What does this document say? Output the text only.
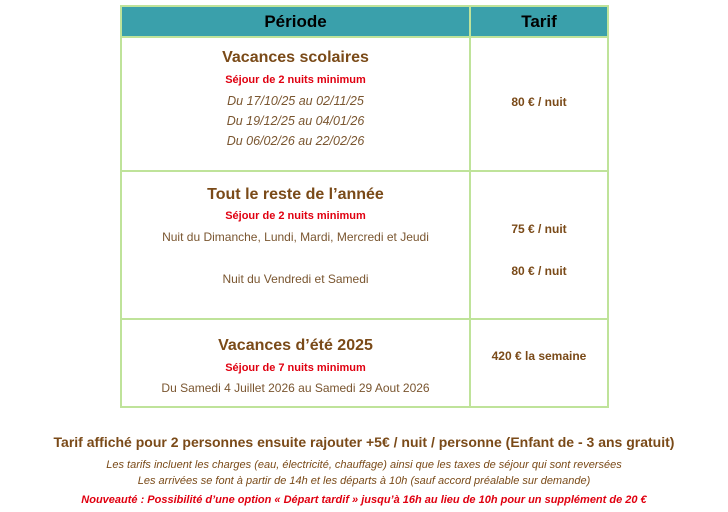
Période	Tarif
Vacances scolaires
Séjour de 2 nuits minimum
Du 17/10/25 au 02/11/25
Du 19/12/25 au 04/01/26
Du 06/02/26 au 22/02/26
80 € / nuit
Tout le reste de l’année
Séjour de 2 nuits minimum
Nuit du Dimanche, Lundi, Mardi, Mercredi et Jeudi
Nuit du Vendredi et Samedi
75 € / nuit
80 € / nuit
Vacances d’été 2025
Séjour de 7 nuits minimum
Du Samedi 4 Juillet 2026 au Samedi 29 Aout 2026
420 € la semaine
Tarif affiché pour 2 personnes ensuite rajouter +5€ / nuit / personne (Enfant de - 3 ans gratuit)
Les tarifs incluent les charges (eau, électricité, chauffage) ainsi que les taxes de séjour qui sont reversées
Les arrivées se font à partir de 14h et les départs à 10h (sauf accord préalable sur demande)
Nouveauté : Possibilité d’une option « Départ tardif » jusqu’à 16h au lieu de 10h pour un supplément de 20 €
